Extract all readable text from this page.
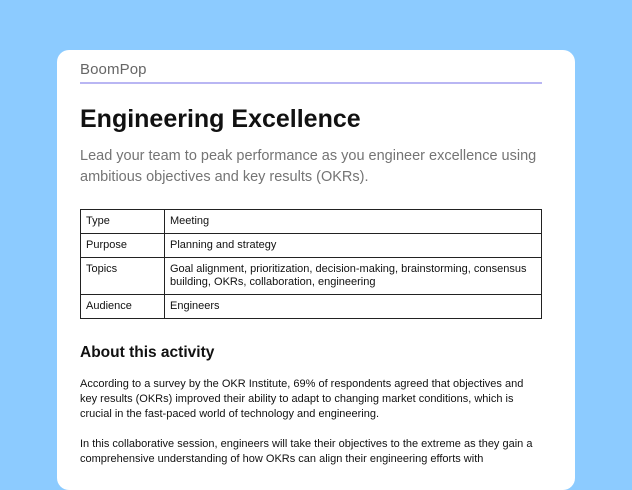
BoomPop
Engineering Excellence

Lead your team to peak performance as you engineer excellence using ambitious objectives and key results (OKRs).

Type	Meeting
Purpose	Planning and strategy
Topics	Goal alignment, prioritization, decision-making, brainstorming, consensus building, OKRs, collaboration, engineering
Audience	Engineers
About this activity

According to a survey by the OKR Institute, 69% of respondents agreed that objectives and key results (OKRs) improved their ability to adapt to changing market conditions, which is crucial in the fast-paced world of technology and engineering.

In this collaborative session, engineers will take their objectives to the extreme as they gain a comprehensive understanding of how OKRs can align their engineering efforts with
